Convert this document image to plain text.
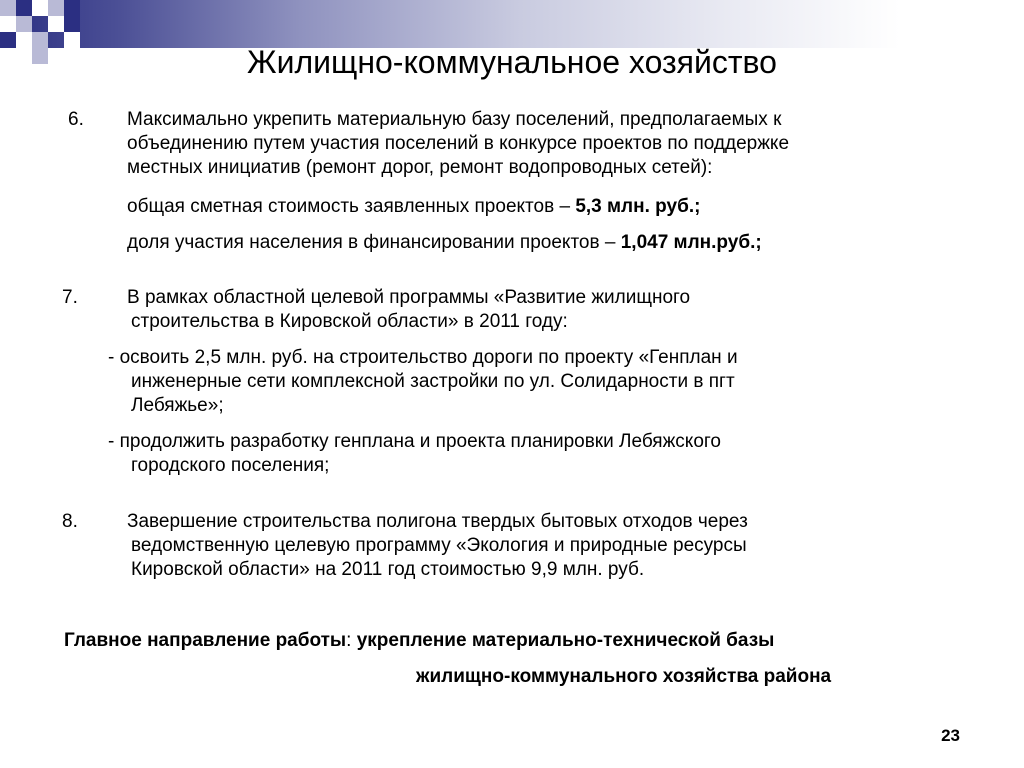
Жилищно-коммунальное хозяйство
6. Максимально укрепить материальную базу поселений, предполагаемых к
объединению путем участия поселений в конкурсе проектов по поддержке
местных инициатив (ремонт дорог, ремонт водопроводных сетей):
общая сметная стоимость заявленных проектов – 5,3 млн. руб.;
доля участия населения в финансировании проектов – 1,047 млн.руб.;
7.	В рамках областной целевой программы «Развитие жилищного
строительства в Кировской области» в 2011 году:
- освоить 2,5 млн. руб. на строительство дороги по проекту «Генплан и
инженерные сети комплексной застройки по ул. Солидарности в пгт
Лебяжье»;
- продолжить разработку генплана и проекта планировки Лебяжского
городского поселения;
8.	Завершение строительства полигона твердых бытовых отходов через
ведомственную целевую программу «Экология и природные ресурсы
Кировской области» на 2011 год стоимостью 9,9 млн. руб.
Главное направление работы: укрепление материально-технической базы
жилищно-коммунального хозяйства района
23
